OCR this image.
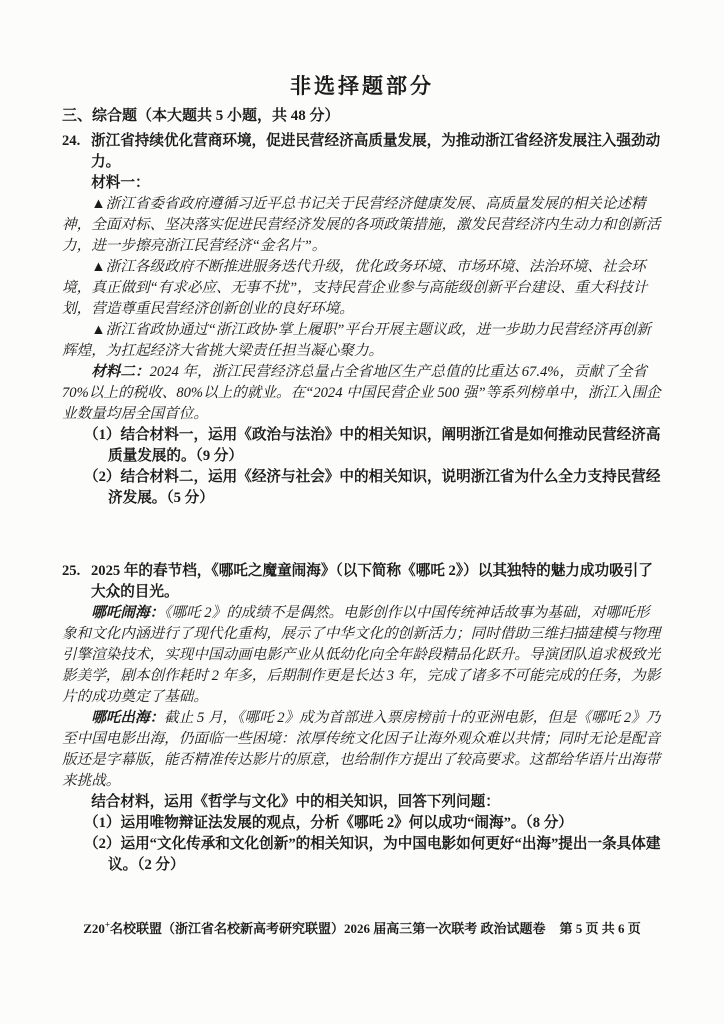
非选择题部分
三、综合题（本大题共 5 小题，共 48 分）

24. 浙江省持续优化营商环境，促进民营经济高质量发展，为推动浙江省经济发展注入强劲动力。

材料一：

▲浙江省委省政府遵循习近平总书记关于民营经济健康发展、高质量发展的相关论述精神，全面对标、坚决落实促进民营经济发展的各项政策措施，激发民营经济内生动力和创新活力，进一步擦亮浙江民营经济“金名片”。

▲浙江各级政府不断推进服务迭代升级，优化政务环境、市场环境、法治环境、社会环境，真正做到“有求必应、无事不扰”，支持民营企业参与高能级创新平台建设、重大科技计划，营造尊重民营经济创新创业的良好环境。

▲浙江省政协通过“浙江政协·掌上履职”平台开展主题议政，进一步助力民营经济再创新辉煌，为扛起经济大省挑大梁责任担当凝心聚力。

材料二：2024 年，浙江民营经济总量占全省地区生产总值的比重达 67.4%，贡献了全省 70%以上的税收、80%以上的就业。在“2024 中国民营企业 500 强”等系列榜单中，浙江入围企业数量均居全国首位。

（1）结合材料一，运用《政治与法治》中的相关知识，阐明浙江省是如何推动民营经济高质量发展的。（9 分）

（2）结合材料二，运用《经济与社会》中的相关知识，说明浙江省为什么全力支持民营经济发展。（5 分）

25. 2025 年的春节档，《哪吒之魔童闹海》（以下简称《哪吒 2》）以其独特的魅力成功吸引了大众的目光。

哪吒闹海：《哪吒 2》的成绩不是偶然。电影创作以中国传统神话故事为基础，对哪吒形象和文化内涵进行了现代化重构，展示了中华文化的创新活力；同时借助三维扫描建模与物理引擎渲染技术，实现中国动画电影产业从低幼化向全年龄段精品化跃升。导演团队追求极致光影美学，剧本创作耗时 2 年多，后期制作更是长达 3 年，完成了诸多不可能完成的任务，为影片的成功奠定了基础。

哪吒出海：截止 5 月，《哪吒 2》成为首部进入票房榜前十的亚洲电影，但是《哪吒 2》乃至中国电影出海，仍面临一些困境：浓厚传统文化因子让海外观众难以共情；同时无论是配音版还是字幕版，能否精准传达影片的原意，也给制作方提出了较高要求。这都给华语片出海带来挑战。

结合材料，运用《哲学与文化》中的相关知识，回答下列问题：

（1）运用唯物辩证法发展的观点，分析《哪吒 2》何以成功“闹海”。（8 分）

（2）运用“文化传承和文化创新”的相关知识，为中国电影如何更好“出海”提出一条具体建议。（2 分）

Z20+名校联盟（浙江省名校新高考研究联盟）2026 届高三第一次联考 政治试题卷 第 5 页 共 6 页
